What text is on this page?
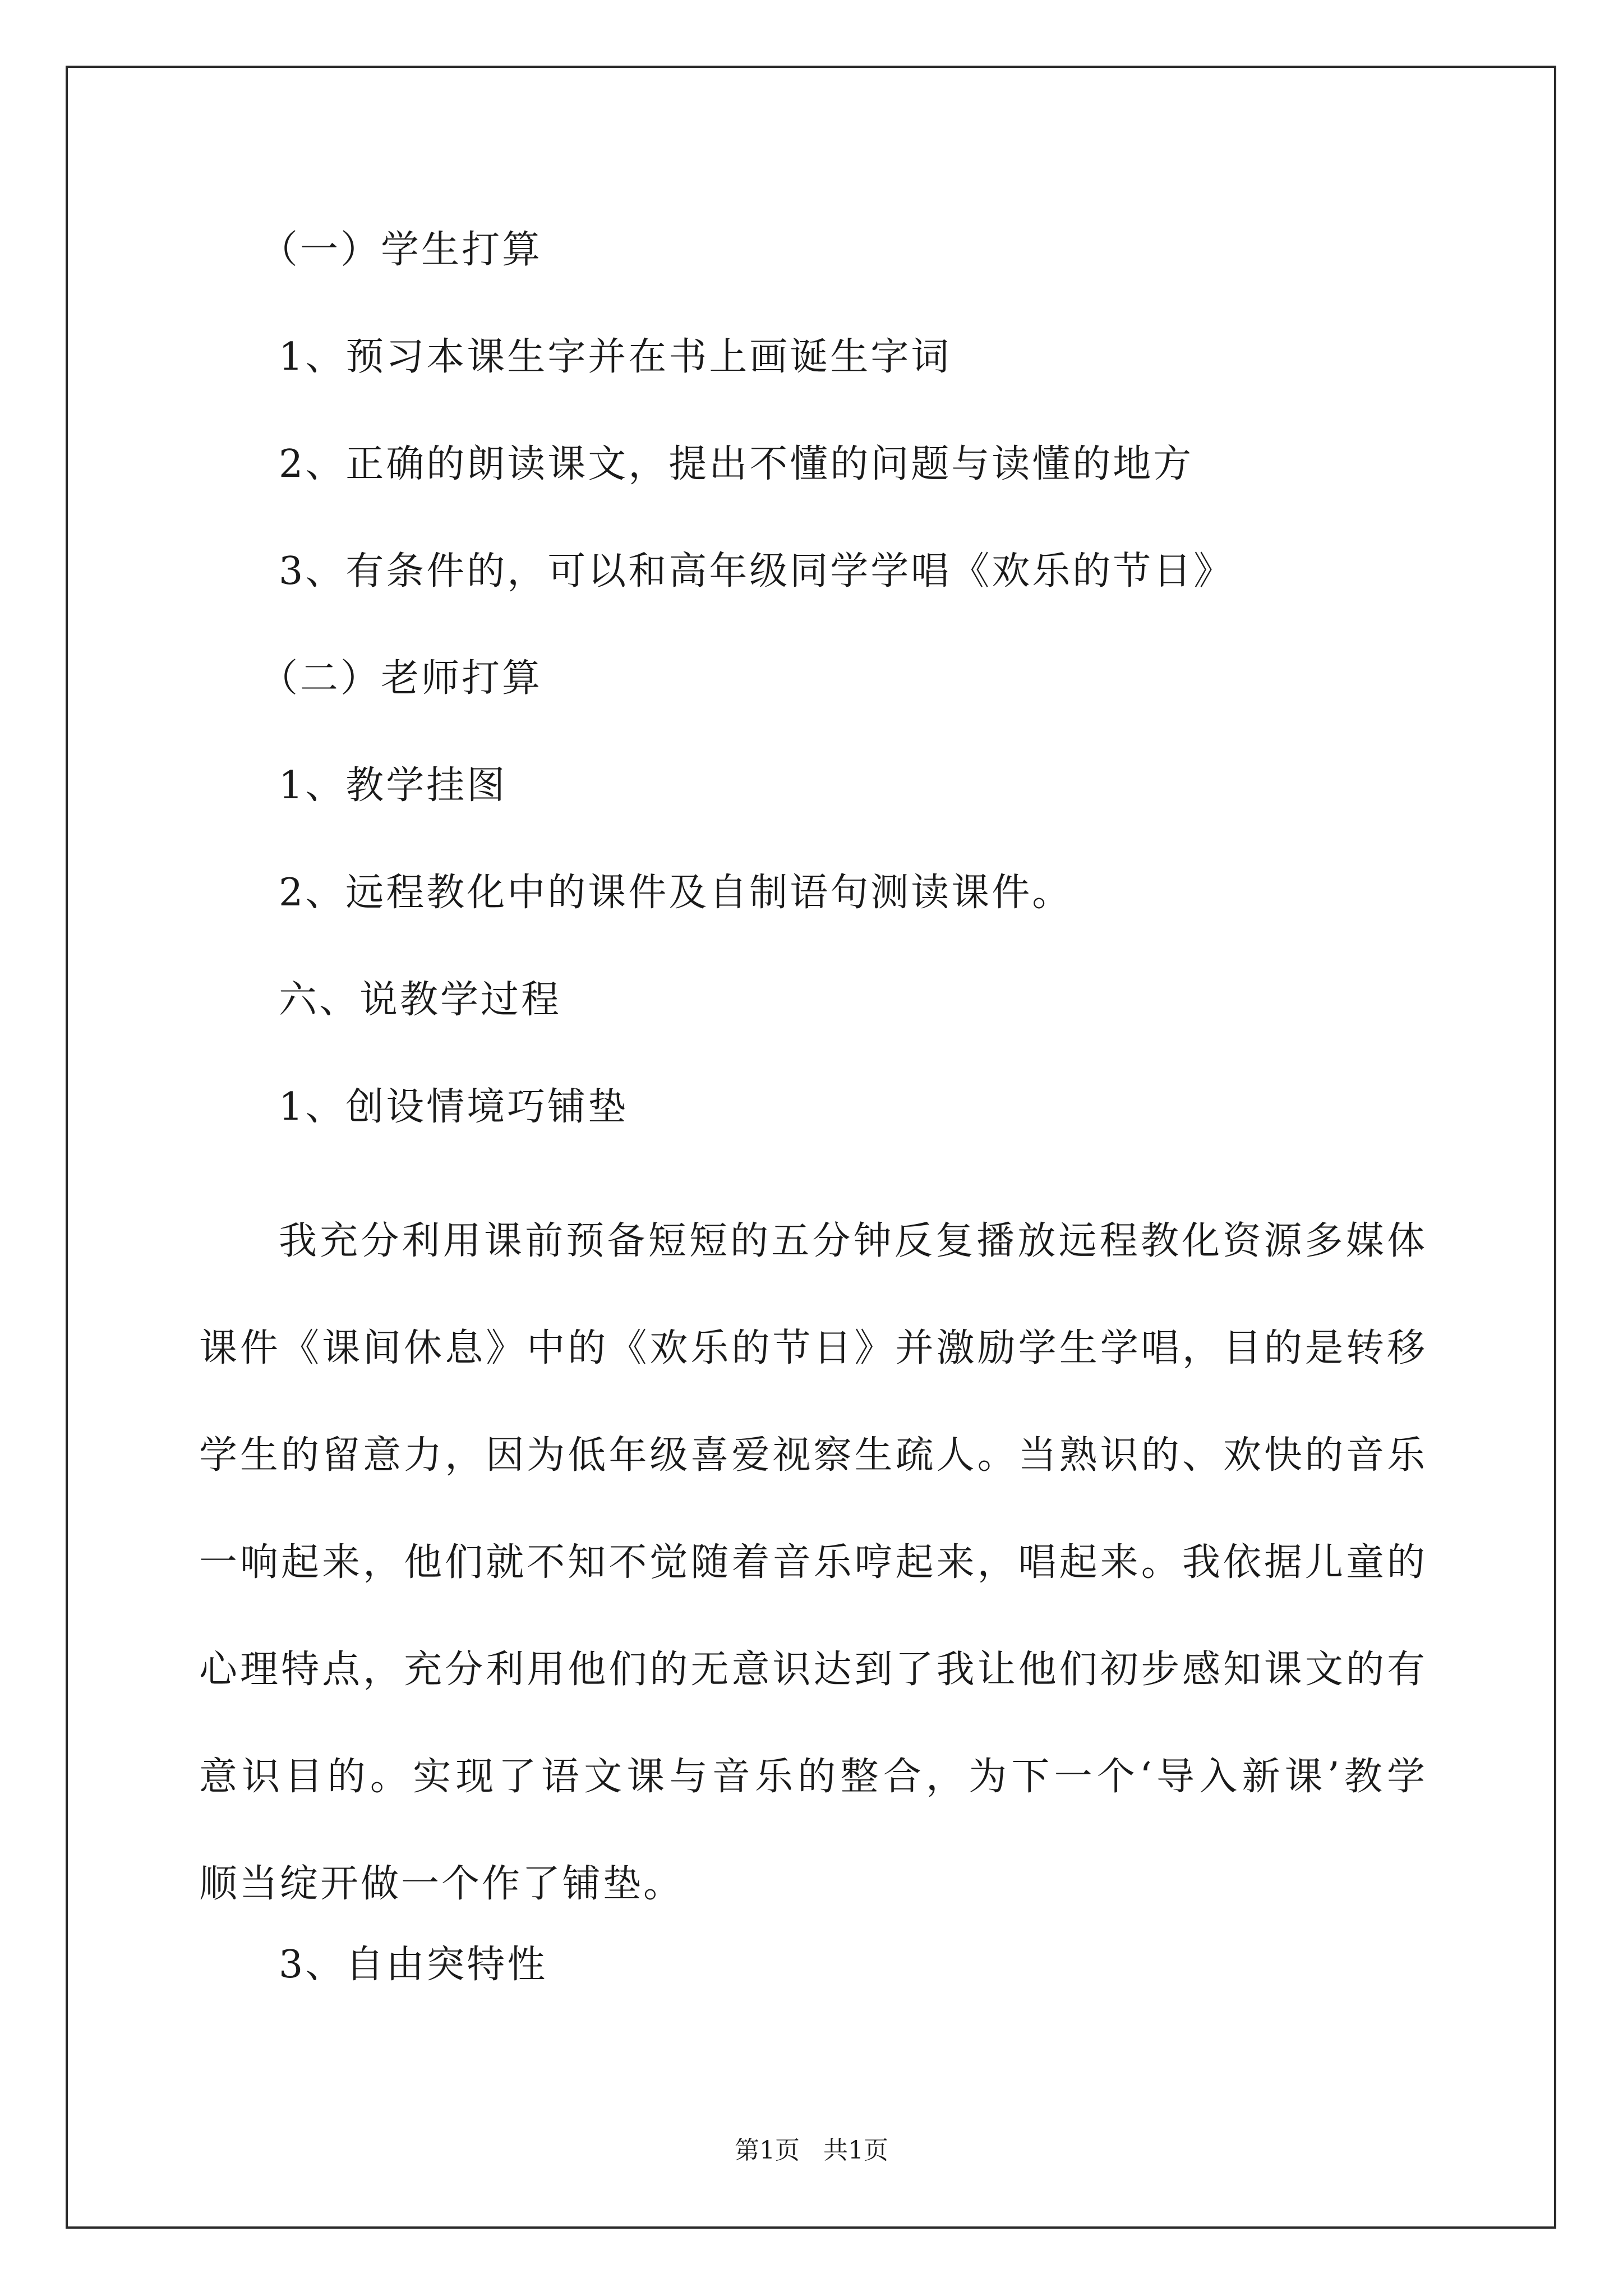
（一）学生打算
1、预习本课生字并在书上画诞生字词
2、正确的朗读课文，提出不懂的问题与读懂的地方
3、有条件的，可以和高年级同学学唱《欢乐的节日》
（二）老师打算
1、教学挂图
2、远程教化中的课件及自制语句测读课件。
六、说教学过程
1、创设情境巧铺垫
我充分利用课前预备短短的五分钟反复播放远程教化资源多媒体
课件《课间休息》中的《欢乐的节日》并激励学生学唱，目的是转移
学生的留意力，因为低年级喜爱视察生疏人。当熟识的、欢快的音乐
一响起来，他们就不知不觉随着音乐哼起来，唱起来。我依据儿童的
心理特点，充分利用他们的无意识达到了我让他们初步感知课文的有
意识目的。实现了语文课与音乐的整合，为下一个‘导入新课’教学
顺当绽开做一个作了铺垫。
3、自由突特性
第1页   共1页
